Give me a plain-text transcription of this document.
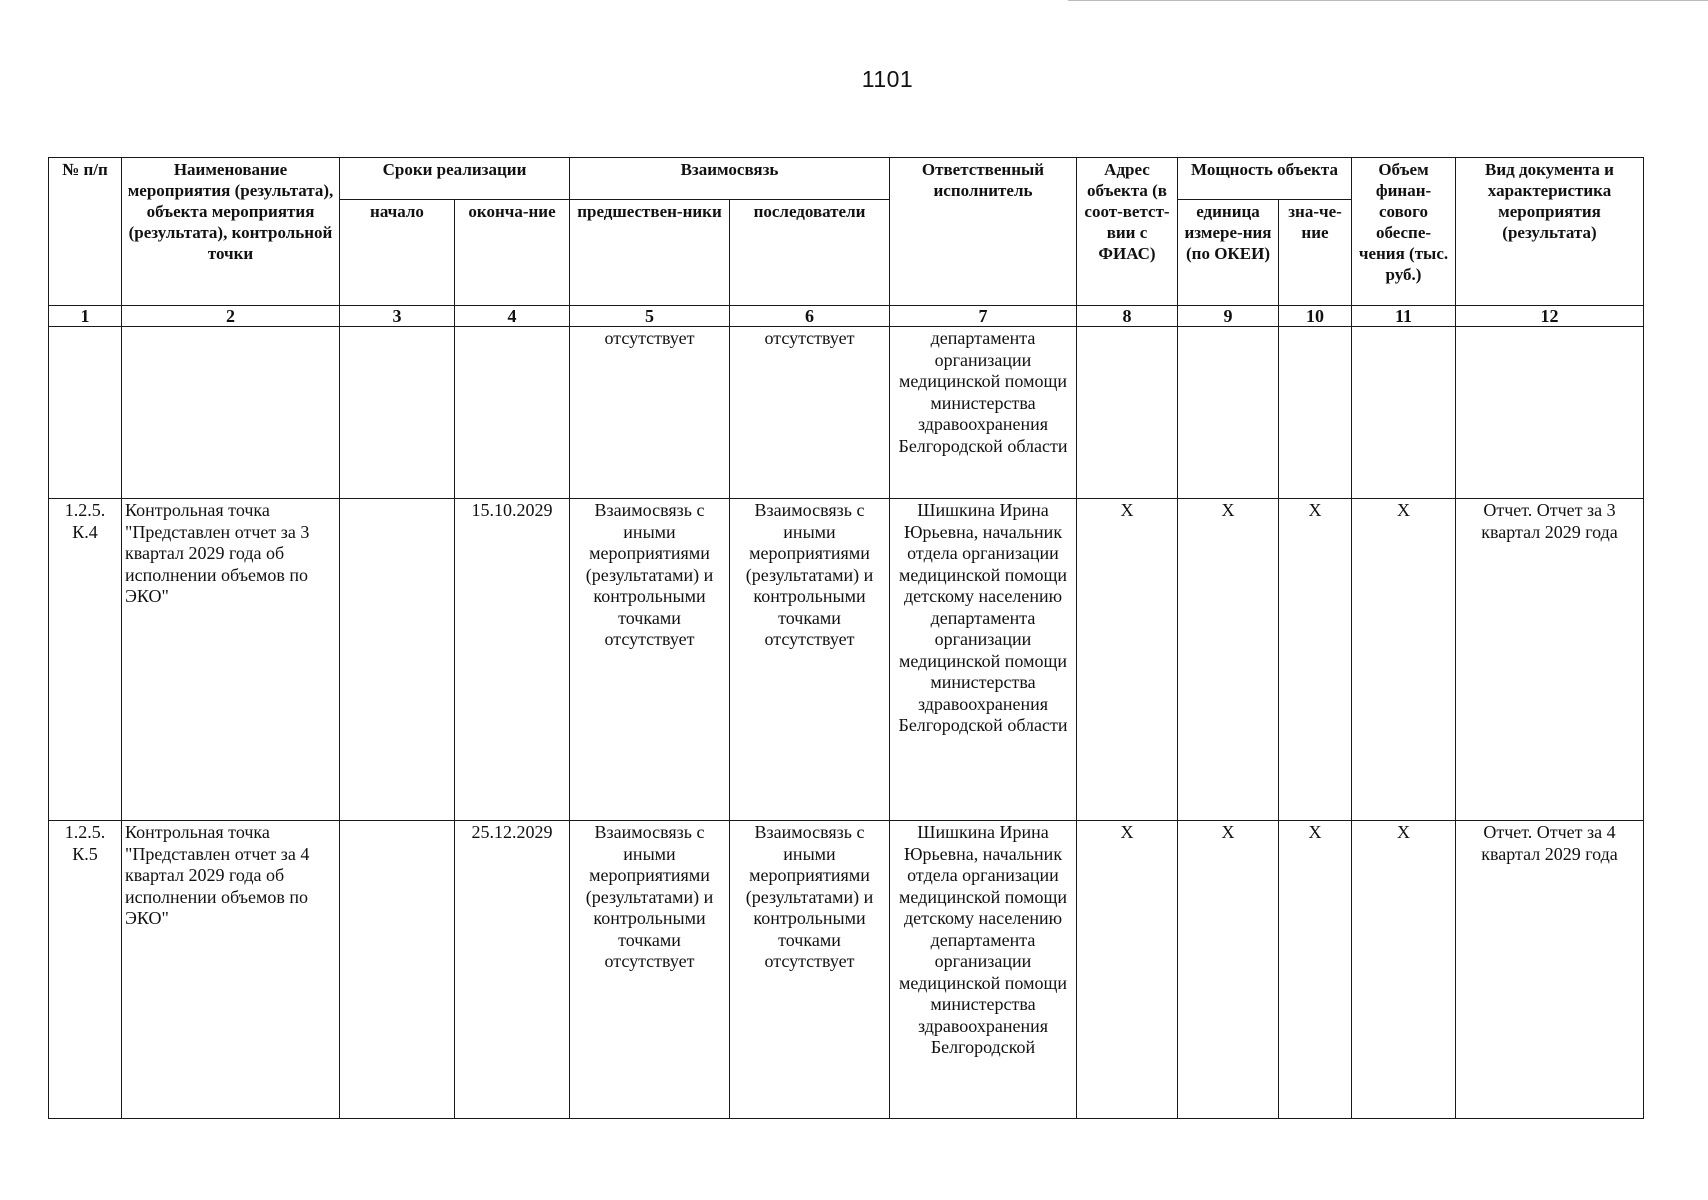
1101
№ п/п	Наименование мероприятия (результата), объекта мероприятия (результата), контрольной точки	Сроки реализации		Взаимосвязь		Ответственный исполнитель	Адрес объекта (в соот-ветст-вии с ФИАС)	Мощность объекта		Объем финан-сового обеспе-чения (тыс. руб.)	Вид документа и характеристика мероприятия (результата)
		начало	оконча-ние	предшествен-ники	последователи			единица измере-ния (по ОКЕИ)	зна-че-ние		
1	2	3	4	5	6	7	8	9	10	11	12
				отсутствует	отсутствует	департамента организации медицинской помощи министерства здравоохранения Белгородской области					
1.2.5. К.4	Контрольная точка "Представлен отчет за 3 квартал 2029 года об исполнении объемов по ЭКО"		15.10.2029	Взаимосвязь с иными мероприятиями (результатами) и контрольными точками отсутствует	Взаимосвязь с иными мероприятиями (результатами) и контрольными точками отсутствует	Шишкина Ирина Юрьевна, начальник отдела организации медицинской помощи детскому населению департамента организации медицинской помощи министерства здравоохранения Белгородской области	X	X	X	X	Отчет. Отчет за 3 квартал 2029 года
1.2.5. К.5	Контрольная точка "Представлен отчет за 4 квартал 2029 года об исполнении объемов по ЭКО"		25.12.2029	Взаимосвязь с иными мероприятиями (результатами) и контрольными точками отсутствует	Взаимосвязь с иными мероприятиями (результатами) и контрольными точками отсутствует	Шишкина Ирина Юрьевна, начальник отдела организации медицинской помощи детскому населению департамента организации медицинской помощи министерства здравоохранения Белгородской	X	X	X	X	Отчет. Отчет за 4 квартал 2029 года
